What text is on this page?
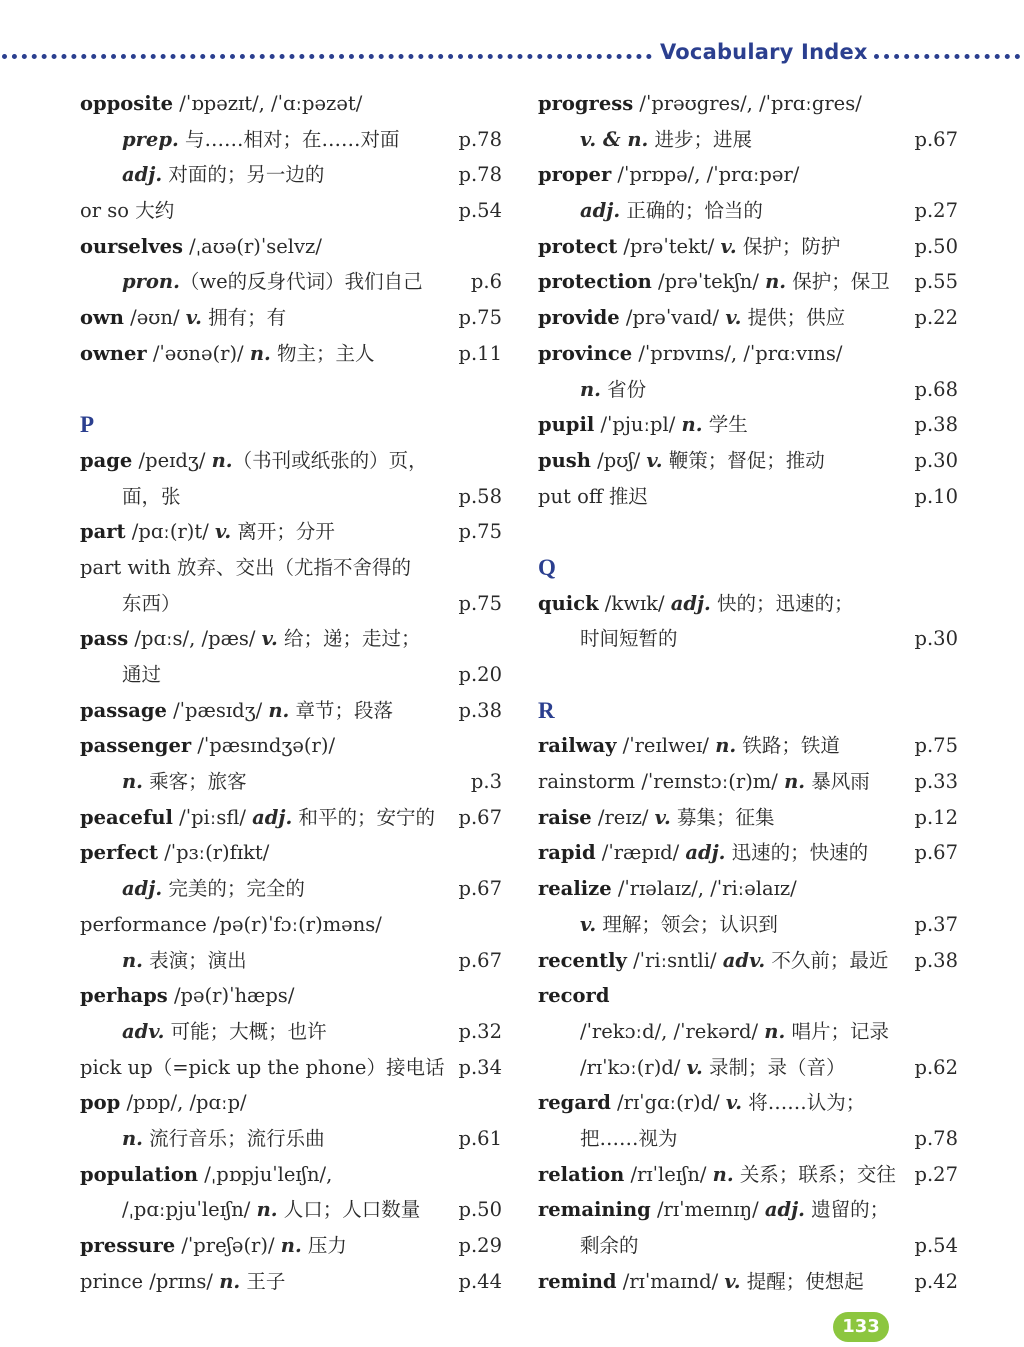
Vocabulary Index
opposite /ˈɒpəzɪt/, /ˈɑːpəzət/
prep. 与……相对；在……对面	p.78
adj. 对面的；另一边的	p.78
or so 大约	p.54
ourselves /ˌaʊə(r)ˈselvz/
pron.（we的反身代词）我们自己 p.6
own /əʊn/ v. 拥有；有	p.75
owner /ˈəʊnə(r)/ n. 物主；主人	p.11
P
page /peɪdʒ/ n.（书刊或纸张的）页，
面，张	p.58
part /pɑː(r)t/ v. 离开；分开	p.75
part with 放弃、交出（尤指不舍得的
东西）	p.75
pass /pɑːs/, /pæs/ v. 给；递；走过；
通过	p.20
passage /ˈpæsɪdʒ/ n. 章节；段落	p.38
passenger /ˈpæsɪndʒə(r)/
n. 乘客；旅客	p.3
peaceful /ˈpiːsfl/ adj. 和平的；安宁的 p.67
perfect /ˈpɜː(r)fɪkt/
adj. 完美的；完全的	p.67
performance /pə(r)ˈfɔː(r)məns/
n. 表演；演出	p.67
perhaps /pə(r)ˈhæps/
adv. 可能；大概；也许	p.32
pick up（=pick up the phone）接电话 p.34
pop /pɒp/, /pɑːp/
n. 流行音乐；流行乐曲	p.61
population /ˌpɒpjuˈleɪʃn/,
/ˌpɑːpjuˈleɪʃn/ n. 人口；人口数量 p.50
pressure /ˈpreʃə(r)/ n. 压力	p.29
prince /prɪns/ n. 王子	p.44
progress /ˈprəʊgres/, /ˈprɑːgres/
v. & n. 进步；进展	p.67
proper /ˈprɒpə/, /ˈprɑːpər/
adj. 正确的；恰当的	p.27
protect /prəˈtekt/ v. 保护；防护	p.50
protection /prəˈtekʃn/ n. 保护；保卫 p.55
provide /prəˈvaɪd/ v. 提供；供应	p.22
province /ˈprɒvɪns/, /ˈprɑːvɪns/
n. 省份	p.68
pupil /ˈpjuːpl/ n. 学生	p.38
push /pʊʃ/ v. 鞭策；督促；推动	p.30
put off 推迟	p.10
Q
quick /kwɪk/ adj. 快的；迅速的；
时间短暂的	p.30
R
railway /ˈreɪlweɪ/ n. 铁路；铁道	p.75
rainstorm /ˈreɪnstɔː(r)m/ n. 暴风雨 p.33
raise /reɪz/ v. 募集；征集	p.12
rapid /ˈræpɪd/ adj. 迅速的；快速的 p.67
realize /ˈrɪəlaɪz/, /ˈriːəlaɪz/
v. 理解；领会；认识到	p.37
recently /ˈriːsntli/ adv. 不久前；最近 p.38
record
/ˈrekɔːd/, /ˈrekərd/ n. 唱片；记录
/rɪˈkɔː(r)d/ v. 录制；录（音）	p.62
regard /rɪˈgɑː(r)d/ v. 将……认为；
把……视为	p.78
relation /rɪˈleɪʃn/ n. 关系；联系；交往 p.27
remaining /rɪˈmeɪnɪŋ/ adj. 遗留的；
剩余的	p.54
remind /rɪˈmaɪnd/ v. 提醒；使想起	p.42
133
